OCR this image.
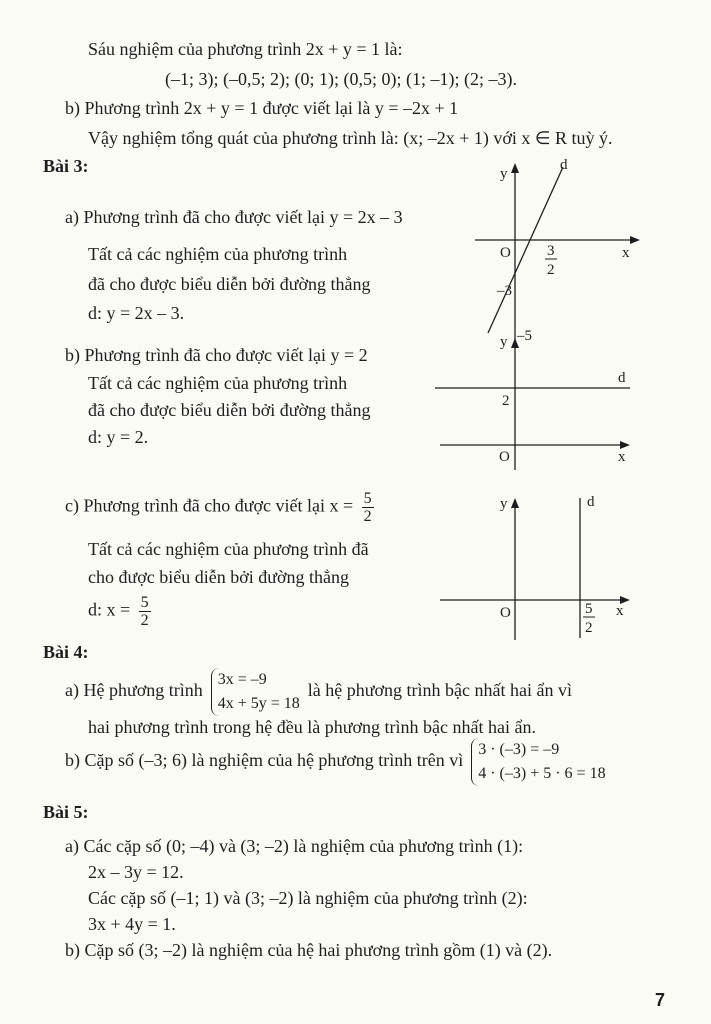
Sáu nghiệm của phương trình 2x + y = 1 là:
(–1; 3); (–0,5; 2); (0; 1); (0,5; 0); (1; –1); (2; –3).
b) Phương trình 2x + y = 1 được viết lại là y = –2x + 1
Vậy nghiệm tổng quát của phương trình là: (x; –2x + 1) với x ∈ R tuỳ ý.
Bài 3:
a) Phương trình đã cho được viết lại y = 2x – 3
Tất cả các nghiệm của phương trình
đã cho được biểu diễn bởi đường thẳng
d: y = 2x – 3.
y
d
O 3
2
x
–3
–5
b) Phương trình đã cho được viết lại y = 2
Tất cả các nghiệm của phương trình
đã cho được biểu diễn bởi đường thẳng
d: y = 2.
y
d
2
O	x
c) Phương trình đã cho được viết lại $x = \frac{5}{2}$
Tất cả các nghiệm của phương trình đã
cho được biểu diễn bởi đường thẳng
d: $x = \frac{5}{2}$
y	d
O	5
2
x
Bài 4:
a) Hệ phương trình
3x = –9
4x + 5y = 18
là hệ phương trình bậc nhất hai ẩn vì
hai phương trình trong hệ đều là phương trình bậc nhất hai ẩn.
b) Cặp số (–3; 6) là nghiệm của hệ phương trình trên vì
3 · (–3) = –9
4 · (–3) + 5 · 6 = 18
Bài 5:
a) Các cặp số (0; –4) và (3; –2) là nghiệm của phương trình (1):
2x – 3y = 12.
Các cặp số (–1; 1) và (3; –2) là nghiệm của phương trình (2):
3x + 4y = 1.
b) Cặp số (3; –2) là nghiệm của hệ hai phương trình gồm (1) và (2).
7
